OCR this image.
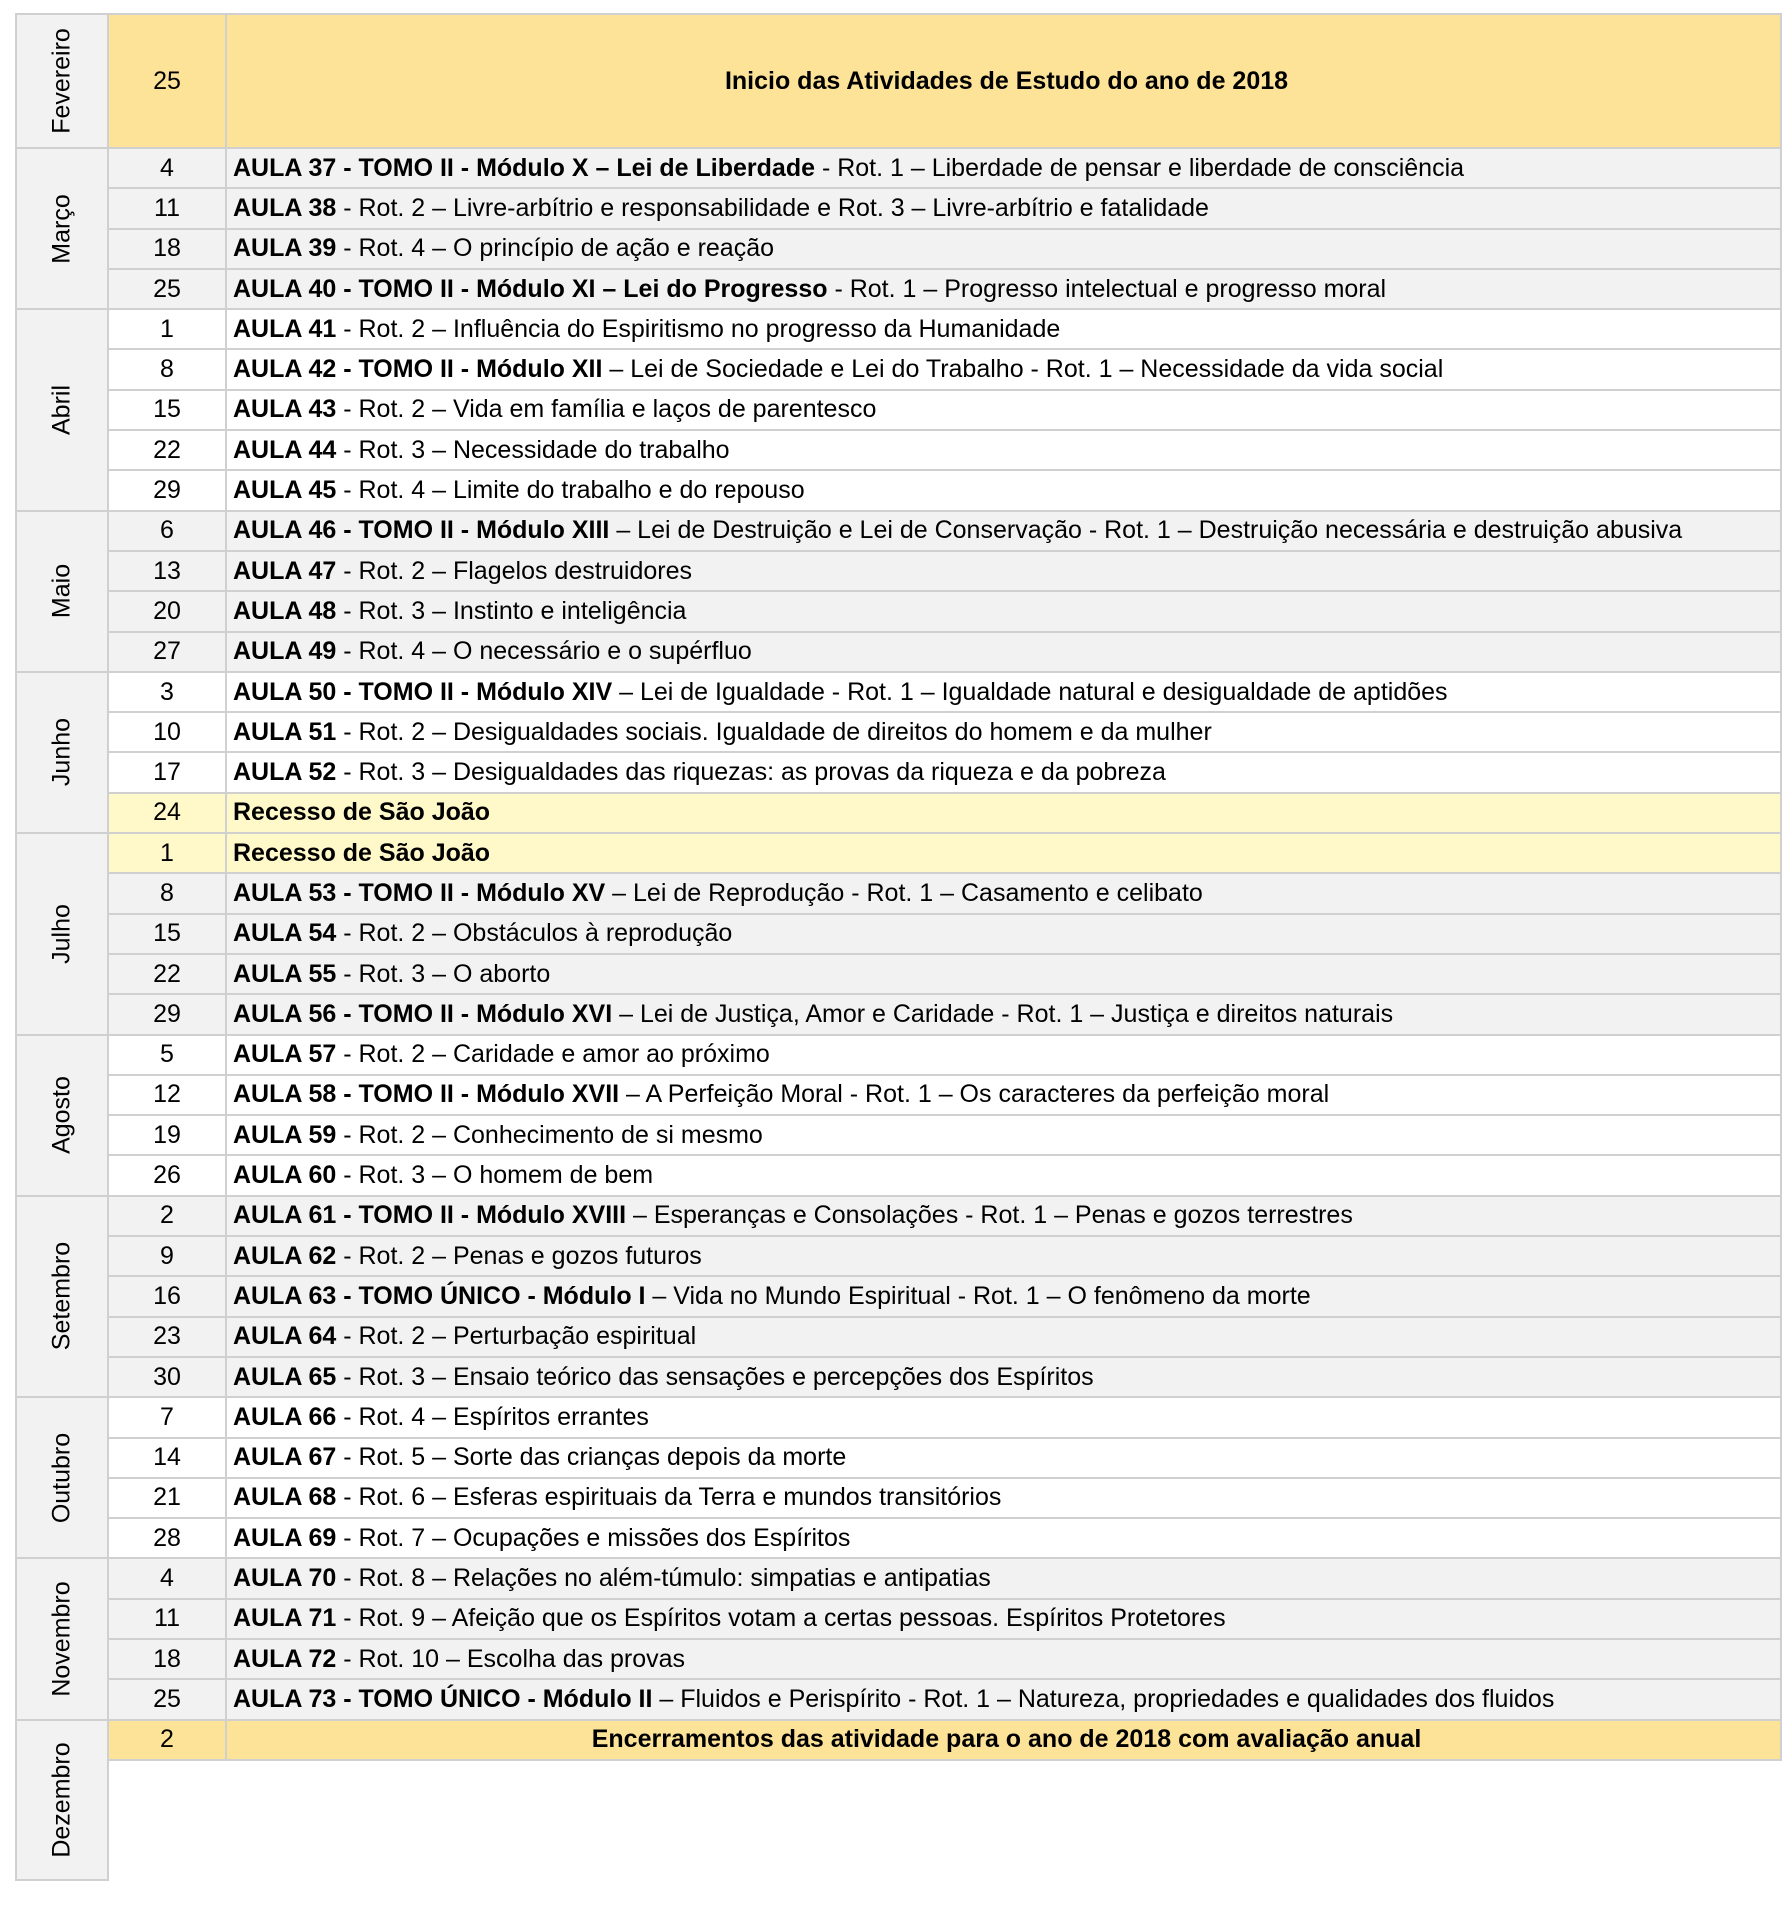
Fevereiro	25	Inicio das Atividades de Estudo do ano de 2018

Março	4	AULA 37 - TOMO II - Módulo X – Lei de Liberdade - Rot. 1 – Liberdade de pensar e liberdade de consciência
	11	AULA 38 - Rot. 2 – Livre-arbítrio e responsabilidade e Rot. 3 – Livre-arbítrio e fatalidade
	18	AULA 39 - Rot. 4 – O princípio de ação e reação
	25	AULA 40 - TOMO II - Módulo XI – Lei do Progresso - Rot. 1 – Progresso intelectual e progresso moral

Abril	1	AULA 41 - Rot. 2 – Influência do Espiritismo no progresso da Humanidade
	8	AULA 42 - TOMO II - Módulo XII – Lei de Sociedade e Lei do Trabalho - Rot. 1 – Necessidade da vida social
	15	AULA 43 - Rot. 2 – Vida em família e laços de parentesco
	22	AULA 44 - Rot. 3 – Necessidade do trabalho
	29	AULA 45 - Rot. 4 – Limite do trabalho e do repouso

Maio	6	AULA 46 - TOMO II - Módulo XIII – Lei de Destruição e Lei de Conservação - Rot. 1 – Destruição necessária e destruição abusiva
	13	AULA 47 - Rot. 2 – Flagelos destruidores
	20	AULA 48 - Rot. 3 – Instinto e inteligência
	27	AULA 49 - Rot. 4 – O necessário e o supérfluo

Junho	3	AULA 50 - TOMO II - Módulo XIV – Lei de Igualdade - Rot. 1 – Igualdade natural e desigualdade de aptidões
	10	AULA 51 - Rot. 2 – Desigualdades sociais. Igualdade de direitos do homem e da mulher
	17	AULA 52 - Rot. 3 – Desigualdades das riquezas: as provas da riqueza e da pobreza
	24	Recesso de São João

Julho	1	Recesso de São João
	8	AULA 53 - TOMO II - Módulo XV – Lei de Reprodução - Rot. 1 – Casamento e celibato
	15	AULA 54 - Rot. 2 – Obstáculos à reprodução
	22	AULA 55 - Rot. 3 – O aborto
	29	AULA 56 - TOMO II - Módulo XVI – Lei de Justiça, Amor e Caridade - Rot. 1 – Justiça e direitos naturais

Agosto	5	AULA 57 - Rot. 2 – Caridade e amor ao próximo
	12	AULA 58 - TOMO II - Módulo XVII – A Perfeição Moral - Rot. 1 – Os caracteres da perfeição moral
	19	AULA 59 - Rot. 2 – Conhecimento de si mesmo
	26	AULA 60 - Rot. 3 – O homem de bem

Setembro	2	AULA 61 - TOMO II - Módulo XVIII – Esperanças e Consolações - Rot. 1 – Penas e gozos terrestres
	9	AULA 62 - Rot. 2 – Penas e gozos futuros
	16	AULA 63 - TOMO ÚNICO - Módulo I – Vida no Mundo Espiritual - Rot. 1 – O fenômeno da morte
	23	AULA 64 - Rot. 2 – Perturbação espiritual
	30	AULA 65 - Rot. 3 – Ensaio teórico das sensações e percepções dos Espíritos

Outubro	7	AULA 66 - Rot. 4 – Espíritos errantes
	14	AULA 67 - Rot. 5 – Sorte das crianças depois da morte
	21	AULA 68 - Rot. 6 – Esferas espirituais da Terra e mundos transitórios
	28	AULA 69 - Rot. 7 – Ocupações e missões dos Espíritos

Novembro	4	AULA 70 - Rot. 8 – Relações no além-túmulo: simpatias e antipatias
	11	AULA 71 - Rot. 9 – Afeição que os Espíritos votam a certas pessoas. Espíritos Protetores
	18	AULA 72 - Rot. 10 – Escolha das provas
	25	AULA 73 - TOMO ÚNICO - Módulo II – Fluidos e Perispírito - Rot. 1 – Natureza, propriedades e qualidades dos fluidos

Dezembro	2	Encerramentos das atividade para o ano de 2018 com avaliação anual
